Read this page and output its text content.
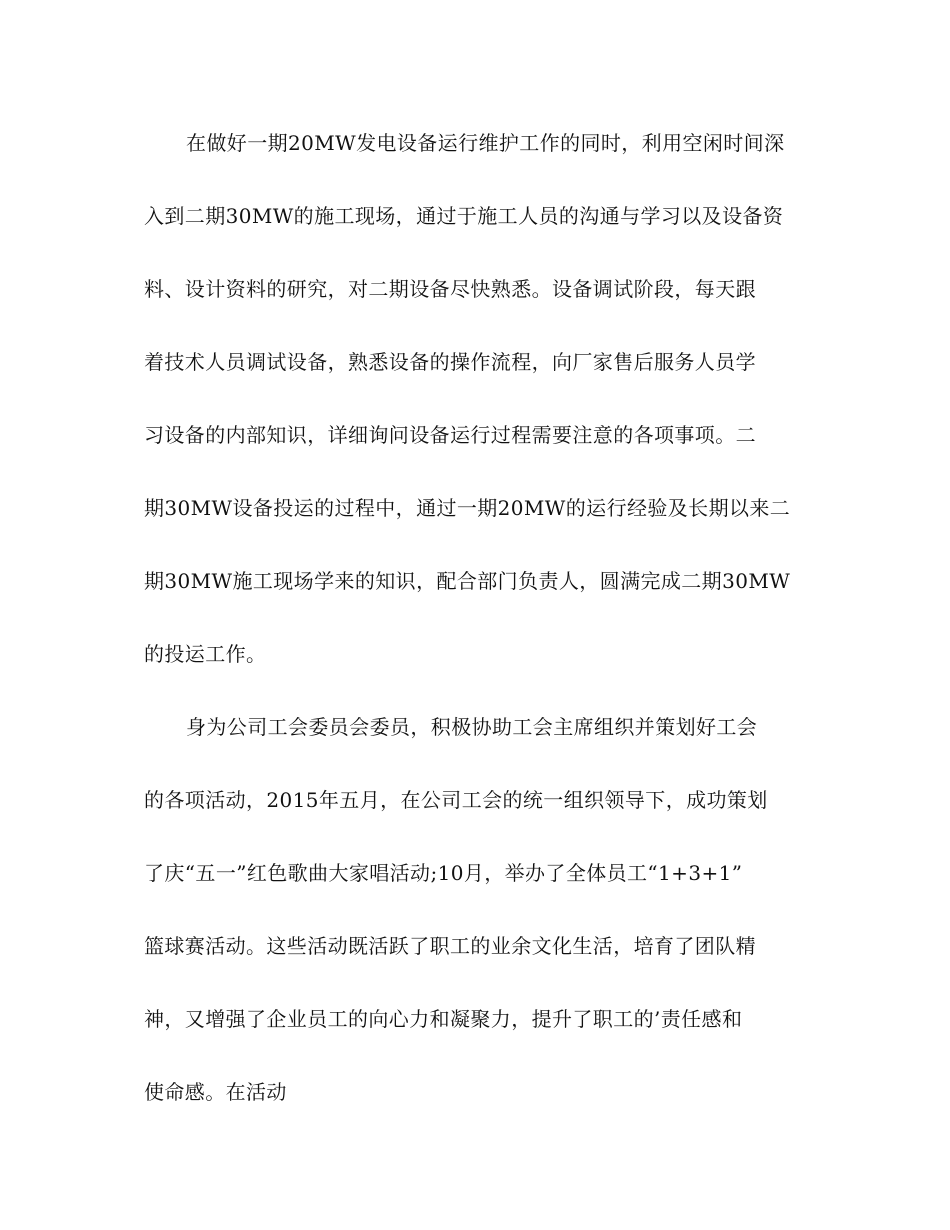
在做好一期20MW发电设备运行维护工作的同时，利用空闲时间深
入到二期30MW的施工现场，通过于施工人员的沟通与学习以及设备资
料、设计资料的研究，对二期设备尽快熟悉。设备调试阶段，每天跟
着技术人员调试设备，熟悉设备的操作流程，向厂家售后服务人员学
习设备的内部知识，详细询问设备运行过程需要注意的各项事项。二
期30MW设备投运的过程中，通过一期20MW的运行经验及长期以来二
期30MW施工现场学来的知识，配合部门负责人，圆满完成二期30MW
的投运工作。
身为公司工会委员会委员，积极协助工会主席组织并策划好工会
的各项活动，2015年五月，在公司工会的统一组织领导下，成功策划
了庆“五一”红色歌曲大家唱活动;10月，举办了全体员工“1+3+1”
篮球赛活动。这些活动既活跃了职工的业余文化生活，培育了团队精
神，又增强了企业员工的向心力和凝聚力，提升了职工的’责任感和
使命感。在活动
